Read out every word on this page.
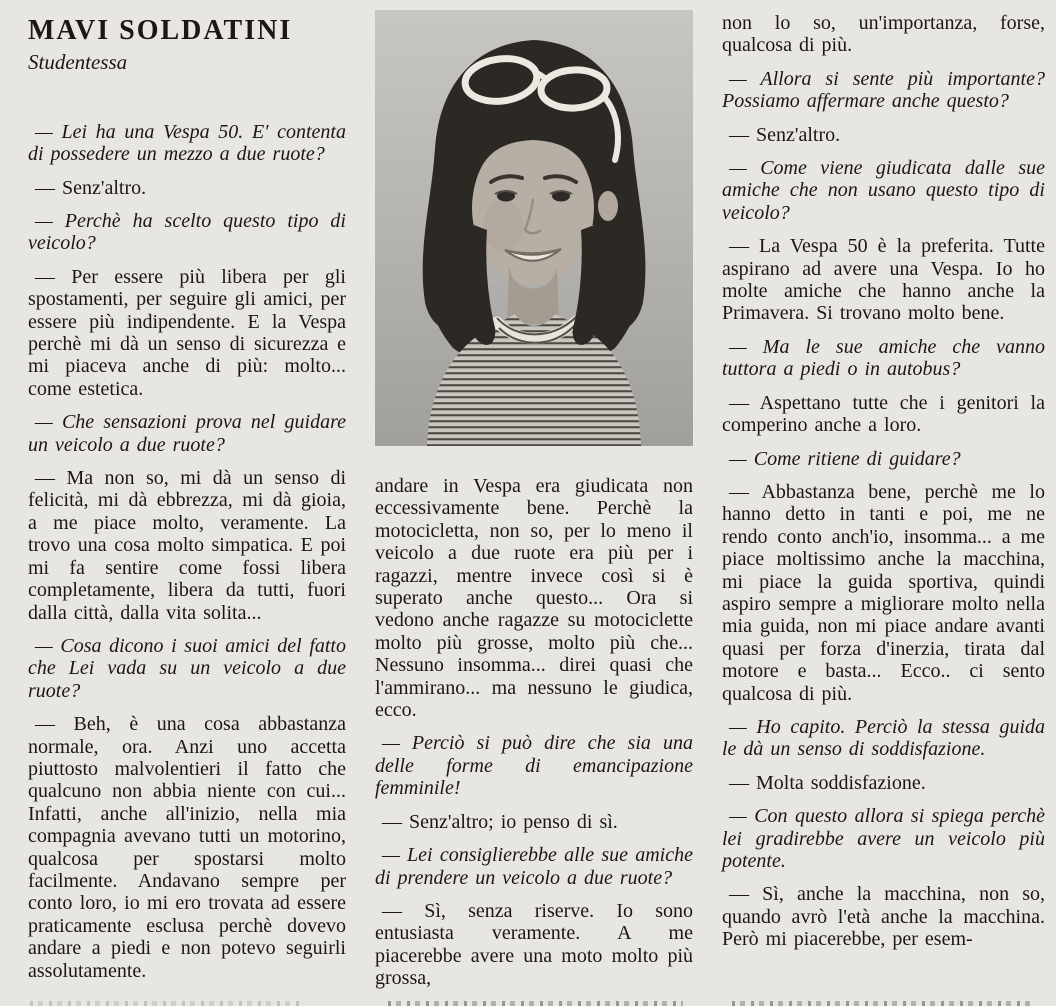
MAVI SOLDATINI
Studentessa

— Lei ha una Vespa 50. E' contenta di possedere un mezzo a due ruote?

— Senz'altro.

— Perchè ha scelto questo tipo di veicolo?

— Per essere più libera per gli spostamenti, per seguire gli amici, per essere più indipendente. E la Vespa perchè mi dà un senso di sicurezza e mi piaceva anche di più: molto... come estetica.

— Che sensazioni prova nel guidare un veicolo a due ruote?

— Ma non so, mi dà un senso di felicità, mi dà ebbrezza, mi dà gioia, a me piace molto, veramente. La trovo una cosa molto simpatica. E poi mi fa sentire come fossi libera completamente, libera da tutti, fuori dalla città, dalla vita solita...

— Cosa dicono i suoi amici del fatto che Lei vada su un veicolo a due ruote?

— Beh, è una cosa abbastanza normale, ora. Anzi uno accetta piuttosto malvolentieri il fatto che qualcuno non abbia niente con cui... Infatti, anche all'inizio, nella mia compagnia avevano tutti un motorino, qualcosa per spostarsi molto facilmente. Andavano sempre per conto loro, io mi ero trovata ad essere praticamente esclusa perchè dovevo andare a piedi e non potevo seguirli assolutamente.

andare in Vespa era giudicata non eccessivamente bene. Perchè la motocicletta, non so, per lo meno il veicolo a due ruote era più per i ragazzi, mentre invece così si è superato anche questo... Ora si vedono anche ragazze su motociclette molto più grosse, molto più che... Nessuno insomma... direi quasi che l'ammirano... ma nessuno le giudica, ecco.

— Perciò si può dire che sia una delle forme di emancipazione femminile!

— Senz'altro; io penso di sì.

— Lei consiglierebbe alle sue amiche di prendere un veicolo a due ruote?

— Sì, senza riserve. Io sono entusiasta veramente. A me piacerebbe avere una moto molto più grossa,

non lo so, un'importanza, forse, qualcosa di più.

— Allora si sente più importante? Possiamo affermare anche questo?

— Senz'altro.

— Come viene giudicata dalle sue amiche che non usano questo tipo di veicolo?

— La Vespa 50 è la preferita. Tutte aspirano ad avere una Vespa. Io ho molte amiche che hanno anche la Primavera. Si trovano molto bene.

— Ma le sue amiche che vanno tuttora a piedi o in autobus?

— Aspettano tutte che i genitori la comperino anche a loro.

— Come ritiene di guidare?

— Abbastanza bene, perchè me lo hanno detto in tanti e poi, me ne rendo conto anch'io, insomma... a me piace moltissimo anche la macchina, mi piace la guida sportiva, quindi aspiro sempre a migliorare molto nella mia guida, non mi piace andare avanti quasi per forza d'inerzia, tirata dal motore e basta... Ecco.. ci sento qualcosa di più.

— Ho capito. Perciò la stessa guida le dà un senso di soddisfazione.

— Molta soddisfazione.

— Con questo allora si spiega perchè lei gradirebbe avere un veicolo più potente.

— Sì, anche la macchina, non so, quando avrò l'età anche la macchina. Però mi piacerebbe, per esem-
